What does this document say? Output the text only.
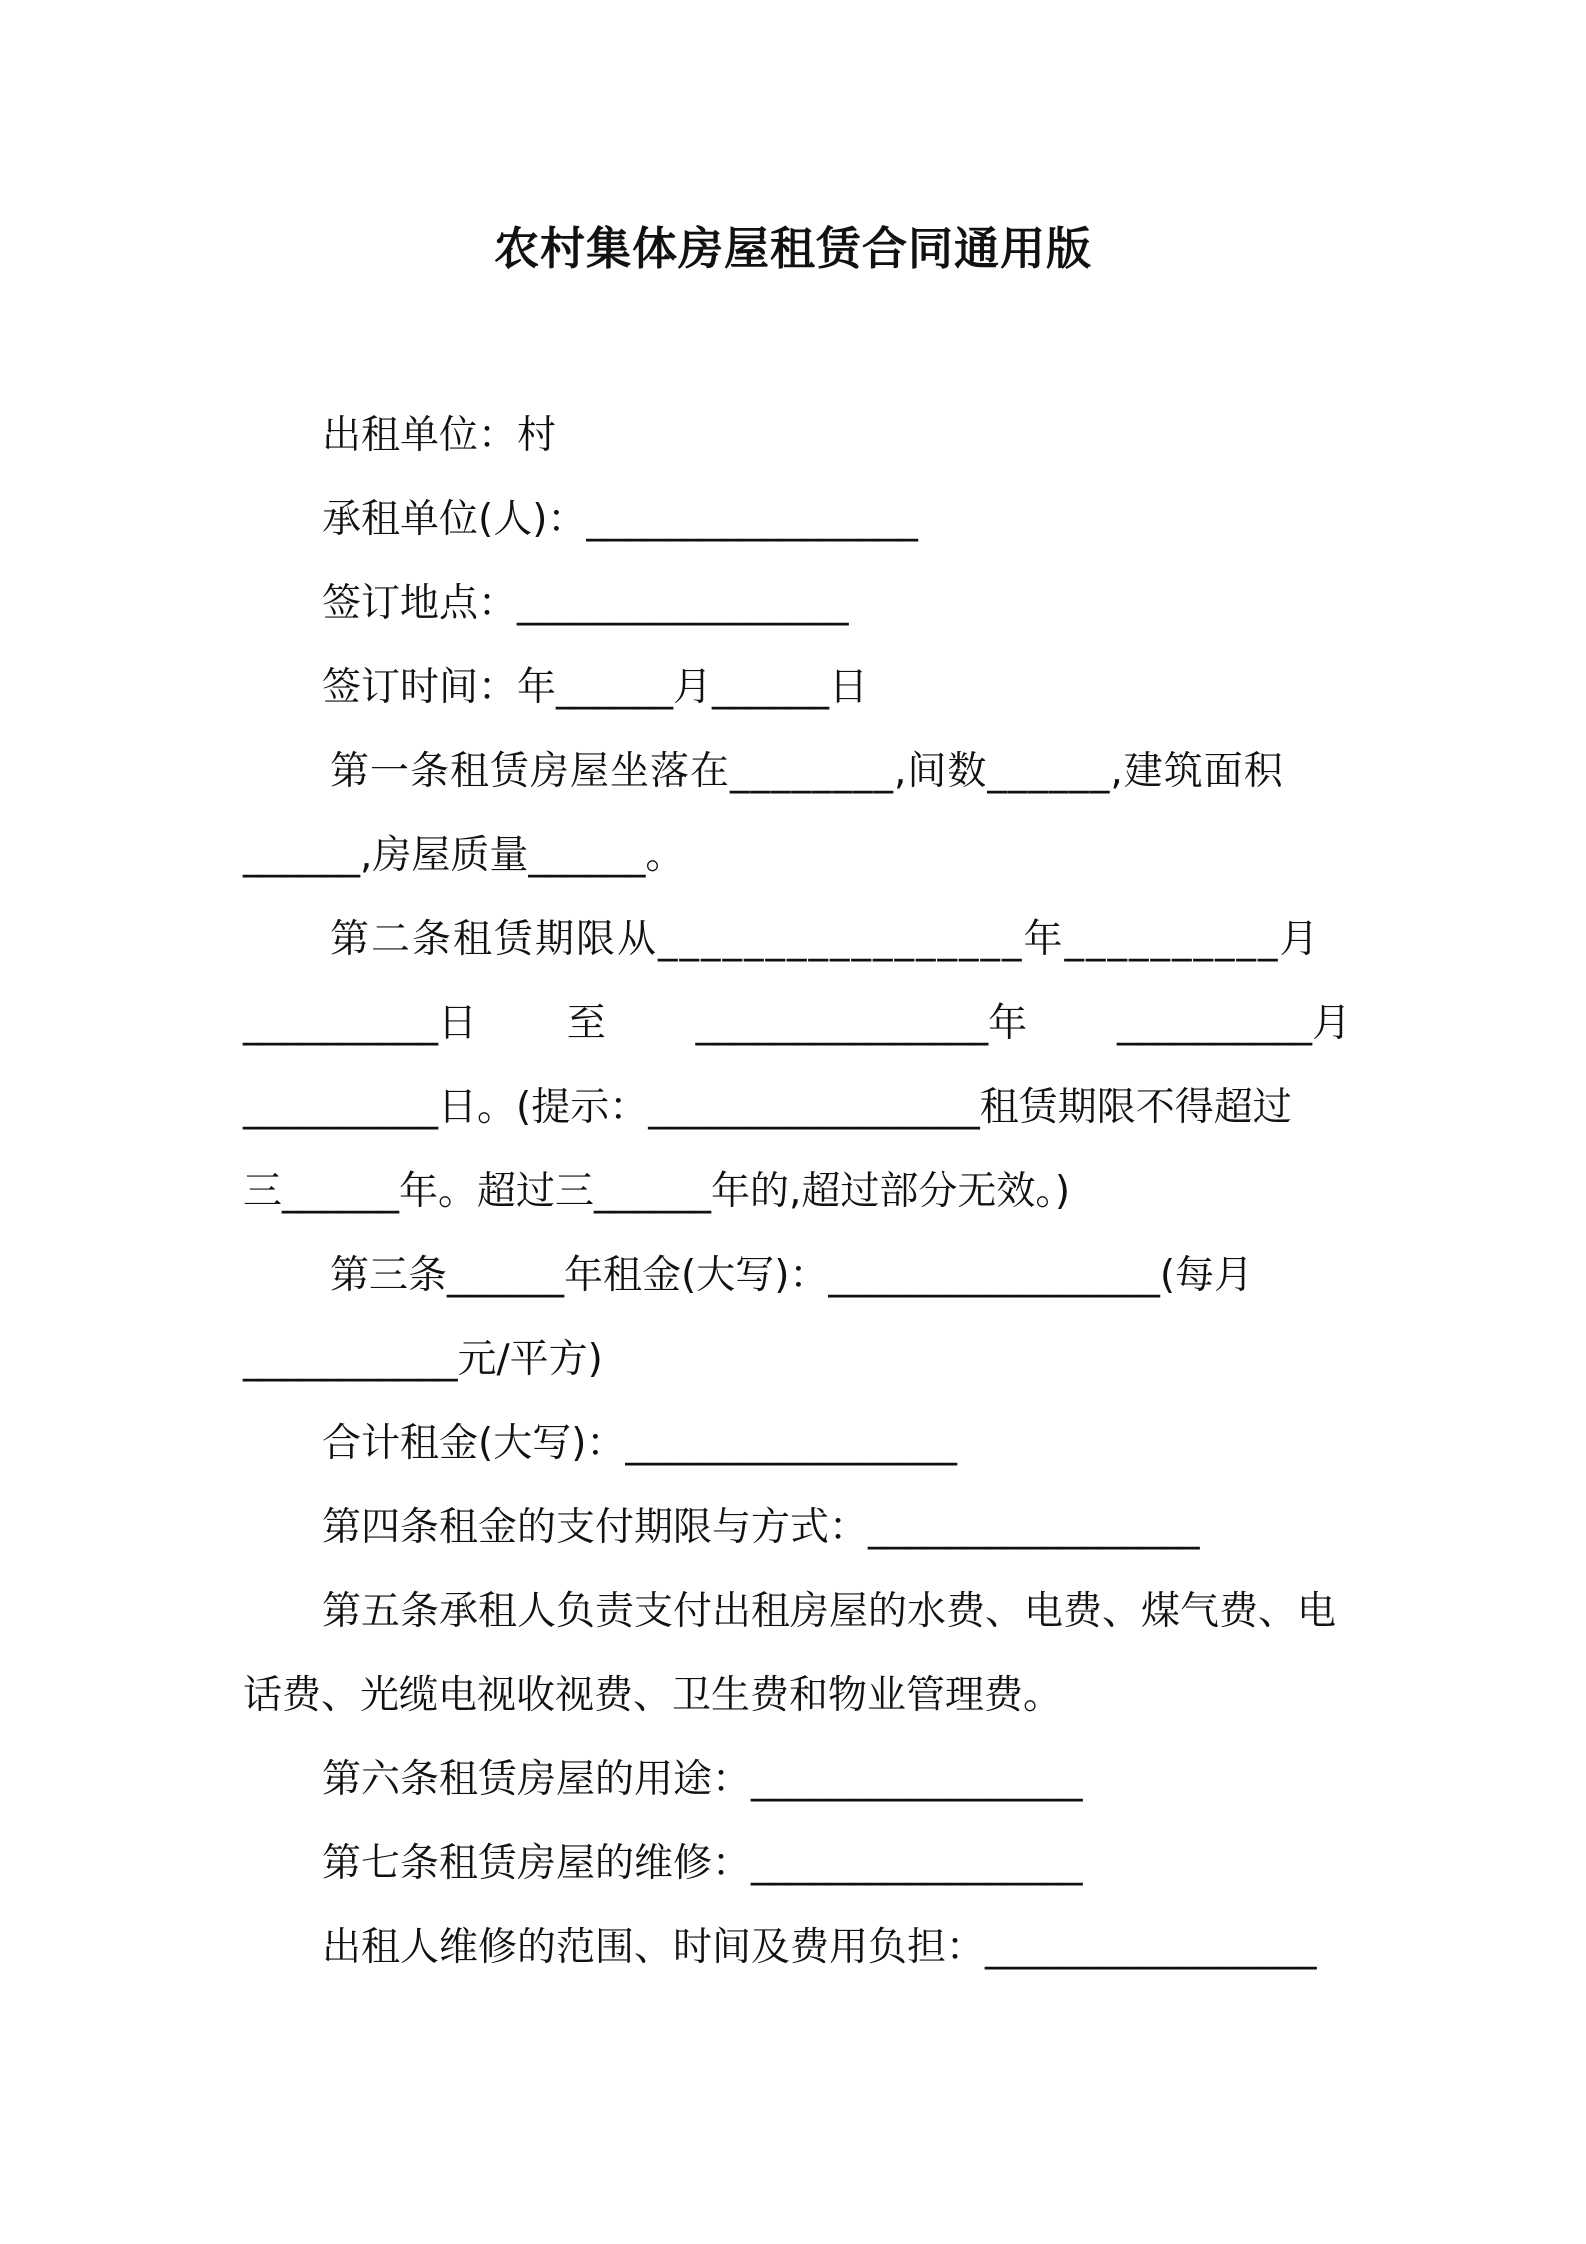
农村集体房屋租赁合同通用版
出租单位：村
承租单位(人)：_________________
签订地点：_________________
签订时间：年______月______日
第一条租赁房屋坐落在________,间数______,建筑面积
______,房屋质量______。
第二条租赁期限从_________________年__________月
__________日 至 _______________年 __________月
__________日。(提示：_________________租赁期限不得超过
三______年。超过三______年的,超过部分无效。)
第三条______年租金(大写)：_________________(每月
___________元/平方)
合计租金(大写)：_________________
第四条租金的支付期限与方式：_________________
第五条承租人负责支付出租房屋的水费、电费、煤气费、电
话费、光缆电视收视费、卫生费和物业管理费。
第六条租赁房屋的用途：_________________
第七条租赁房屋的维修：_________________
出租人维修的范围、时间及费用负担：_________________
